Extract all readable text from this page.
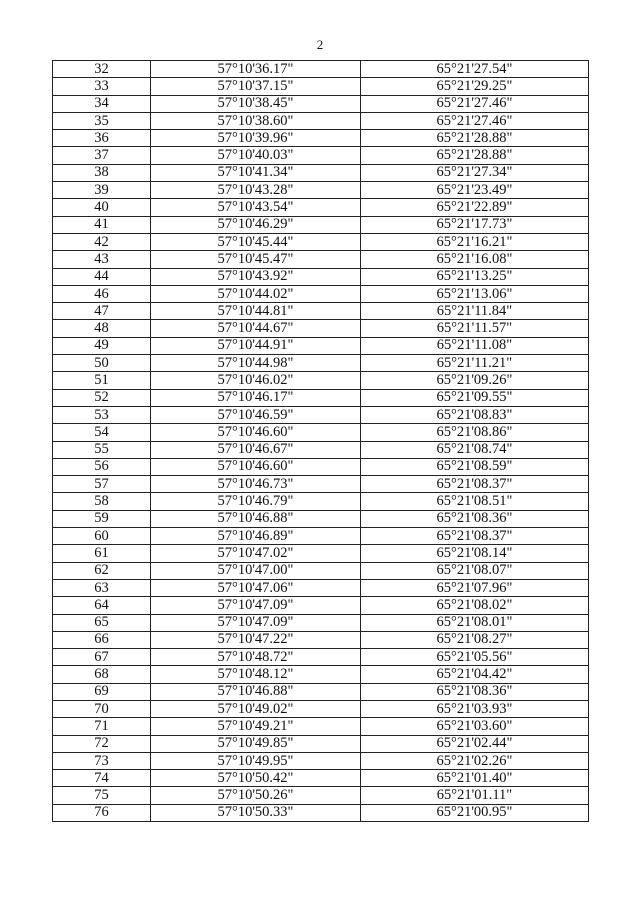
2
32	57°10'36.17"	65°21'27.54"
33	57°10'37.15"	65°21'29.25"
34	57°10'38.45"	65°21'27.46"
35	57°10'38.60"	65°21'27.46"
36	57°10'39.96"	65°21'28.88"
37	57°10'40.03"	65°21'28.88"
38	57°10'41.34"	65°21'27.34"
39	57°10'43.28"	65°21'23.49"
40	57°10'43.54"	65°21'22.89"
41	57°10'46.29"	65°21'17.73"
42	57°10'45.44"	65°21'16.21"
43	57°10'45.47"	65°21'16.08"
44	57°10'43.92"	65°21'13.25"
46	57°10'44.02"	65°21'13.06"
47	57°10'44.81"	65°21'11.84"
48	57°10'44.67"	65°21'11.57"
49	57°10'44.91"	65°21'11.08"
50	57°10'44.98"	65°21'11.21"
51	57°10'46.02"	65°21'09.26"
52	57°10'46.17"	65°21'09.55"
53	57°10'46.59"	65°21'08.83"
54	57°10'46.60"	65°21'08.86"
55	57°10'46.67"	65°21'08.74"
56	57°10'46.60"	65°21'08.59"
57	57°10'46.73"	65°21'08.37"
58	57°10'46.79"	65°21'08.51"
59	57°10'46.88"	65°21'08.36"
60	57°10'46.89"	65°21'08.37"
61	57°10'47.02"	65°21'08.14"
62	57°10'47.00"	65°21'08.07"
63	57°10'47.06"	65°21'07.96"
64	57°10'47.09"	65°21'08.02"
65	57°10'47.09"	65°21'08.01"
66	57°10'47.22"	65°21'08.27"
67	57°10'48.72"	65°21'05.56"
68	57°10'48.12"	65°21'04.42"
69	57°10'46.88"	65°21'08.36"
70	57°10'49.02"	65°21'03.93"
71	57°10'49.21"	65°21'03.60"
72	57°10'49.85"	65°21'02.44"
73	57°10'49.95"	65°21'02.26"
74	57°10'50.42"	65°21'01.40"
75	57°10'50.26"	65°21'01.11"
76	57°10'50.33"	65°21'00.95"
